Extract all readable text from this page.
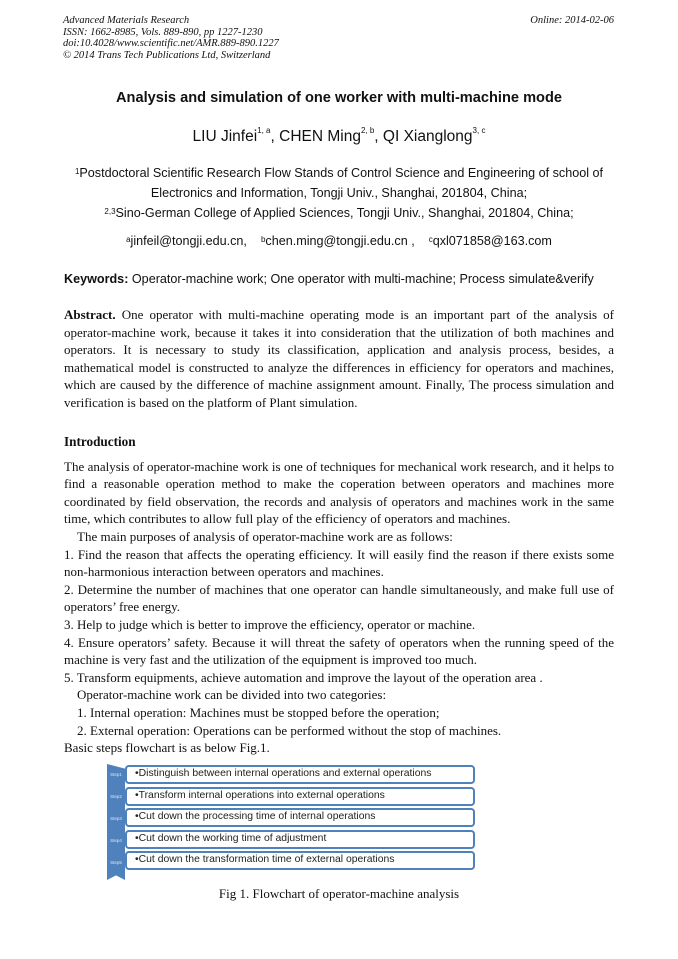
Advanced Materials Research
ISSN: 1662-8985, Vols. 889-890, pp 1227-1230
doi:10.4028/www.scientific.net/AMR.889-890.1227
© 2014 Trans Tech Publications Ltd, Switzerland
Online: 2014-02-06
Analysis and simulation of one worker with multi-machine mode
LIU Jinfei$^{1, a}$, CHEN Ming$^{2, b}$, QI Xianglong$^{3, c}$
$^1$Postdoctoral Scientific Research Flow Stands of Control Science and Engineering of school of
Electronics and Information, Tongji Univ., Shanghai, 201804, China;
$^{2,3}$Sino-German College of Applied Sciences, Tongji Univ., Shanghai, 201804, China;
$^a$jinfeil@tongji.edu.cn, $^b$chen.ming@tongji.edu.cn , $^c$qxl071858@163.com
Keywords: Operator-machine work; One operator with multi-machine; Process simulate&verify
Abstract. One operator with multi-machine operating mode is an important part of the analysis of operator-machine work, because it takes it into consideration that the utilization of both machines and operators. It is necessary to study its classification, application and analysis process, besides, a mathematical model is constructed to analyze the differences in efficiency for operators and machines, which are caused by the difference of machine assignment amount. Finally, The process simulation and verification is based on the platform of Plant simulation.
Introduction

The analysis of operator-machine work is one of techniques for mechanical work research, and it helps to find a reasonable operation method to make the coperation between operators and machines more coordinated by field observation, the records and analysis of operators and machines work in the same time, which contributes to allow full play of the efficiency of operators and machines.

The main purposes of analysis of operator-machine work are as follows:

1. Find the reason that affects the operating efficiency. It will easily find the reason if there exists some non-harmonious interaction between operators and machines.

2. Determine the number of machines that one operator can handle simultaneously, and make full use of operators’ free energy.

3. Help to judge which is better to improve the efficiency, operator or machine.

4. Ensure operators’ safety. Because it will threat the safety of operators when the running speed of the machine is very fast and the utilization of the equipment is improved too much.

5. Transform equipments, achieve automation and improve the layout of the operation area .

Operator-machine work can be divided into two categories:

1. Internal operation: Machines must be stopped before the operation;

2. External operation: Operations can be performed without the stop of machines.

Basic steps flowchart is as below Fig.1.

Step1
Step2
Step3
Step4
Step5
•Distinguish between internal operations and external operations
•Transform internal operations into external operations
•Cut down the processing time of internal operations
•Cut down the working time of adjustment
•Cut down the transformation time of external operations
Fig 1. Flowchart of operator-machine analysis
